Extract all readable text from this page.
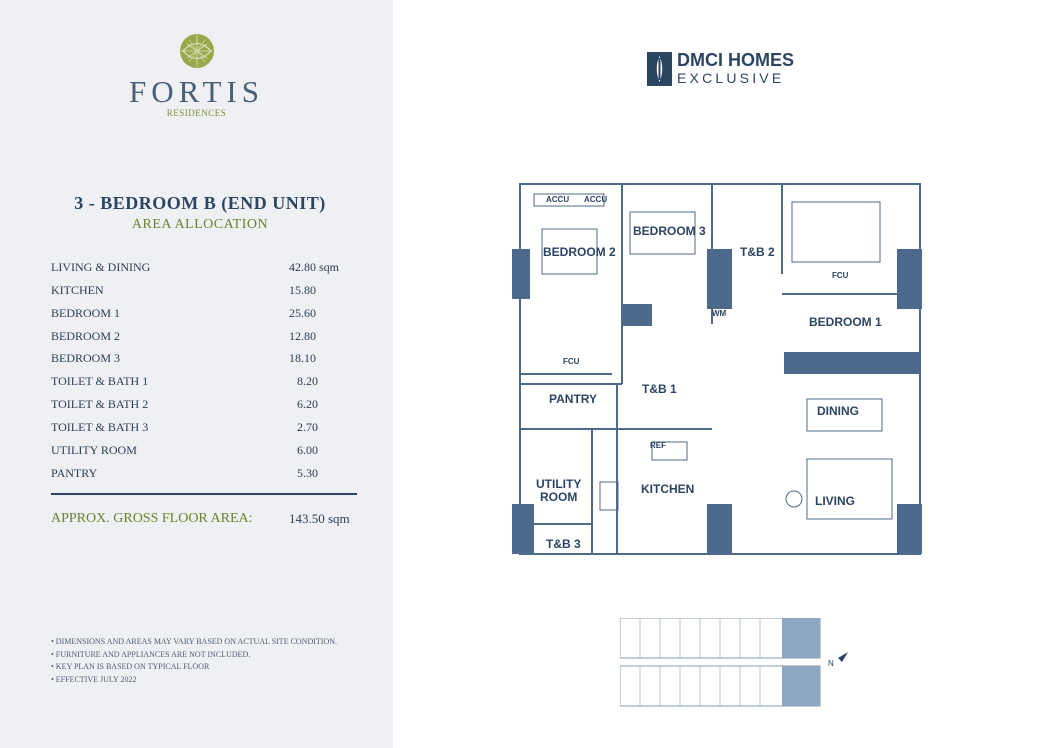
FORTIS
RESIDENCES
3 - BEDROOM B (END UNIT)
AREA ALLOCATION
LIVING & DINING	42.80 sqm
KITCHEN	15.80
BEDROOM 1	25.60
BEDROOM 2	12.80
BEDROOM 3	18.10
TOILET & BATH 1	8.20
TOILET & BATH 2	6.20
TOILET & BATH 3	2.70
UTILITY ROOM	6.00
PANTRY	5.30
APPROX. GROSS FLOOR AREA:	143.50 sqm
• DIMENSIONS AND AREAS MAY VARY BASED ON ACTUAL SITE CONDITION.
• FURNITURE AND APPLIANCES ARE NOT INCLUDED.
• KEY PLAN IS BASED ON TYPICAL FLOOR
• EFFECTIVE JULY 2022
DMCI HOMES
EXCLUSIVE
BEDROOM 2
BEDROOM 3
T&B 2
BEDROOM 1
T&B 1
PANTRY
DINING
KITCHEN
LIVING
UTILITY
ROOM
T&B 3
ACCU ACCU
FCU
FCU
WM
REF
N
